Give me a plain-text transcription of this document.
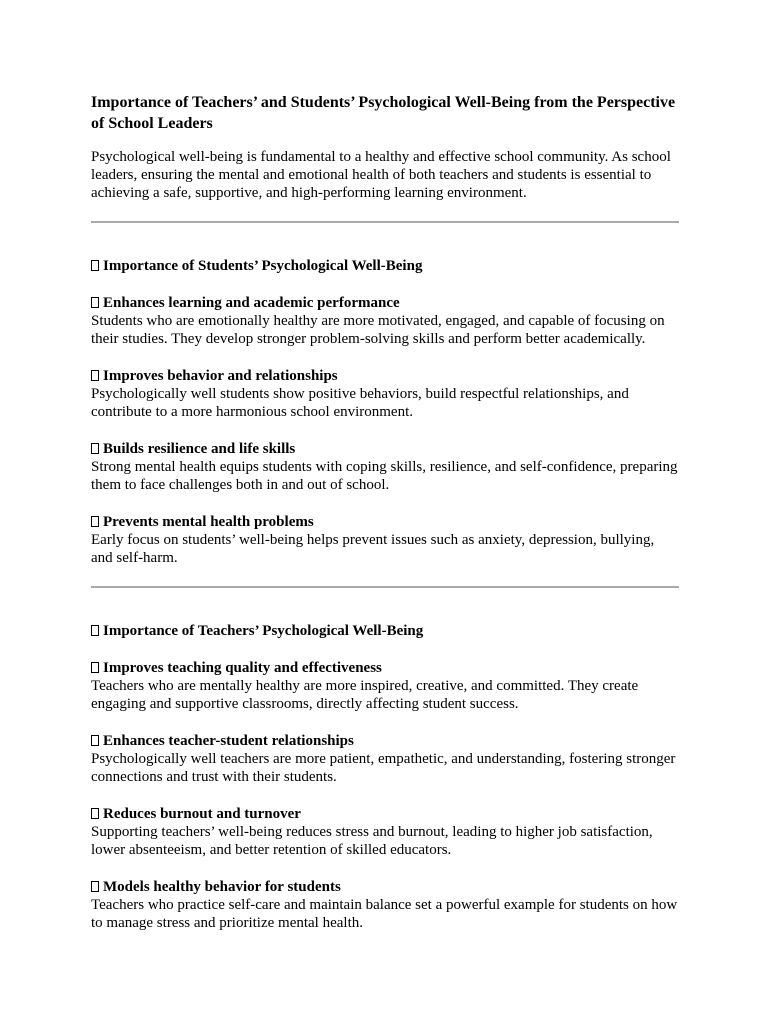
Importance of Teachers’ and Students’ Psychological Well-Being from the Perspective of School Leaders

Psychological well-being is fundamental to a healthy and effective school community. As school leaders, ensuring the mental and emotional health of both teachers and students is essential to achieving a safe, supportive, and high-performing learning environment.

Importance of Students’ Psychological Well-Being

Enhances learning and academic performance

Students who are emotionally healthy are more motivated, engaged, and capable of focusing on their studies. They develop stronger problem-solving skills and perform better academically.

Improves behavior and relationships

Psychologically well students show positive behaviors, build respectful relationships, and contribute to a more harmonious school environment.

Builds resilience and life skills

Strong mental health equips students with coping skills, resilience, and self-confidence, preparing them to face challenges both in and out of school.

Prevents mental health problems

Early focus on students’ well-being helps prevent issues such as anxiety, depression, bullying, and self-harm.

Importance of Teachers’ Psychological Well-Being

Improves teaching quality and effectiveness

Teachers who are mentally healthy are more inspired, creative, and committed. They create engaging and supportive classrooms, directly affecting student success.

Enhances teacher-student relationships

Psychologically well teachers are more patient, empathetic, and understanding, fostering stronger connections and trust with their students.

Reduces burnout and turnover

Supporting teachers’ well-being reduces stress and burnout, leading to higher job satisfaction, lower absenteeism, and better retention of skilled educators.

Models healthy behavior for students

Teachers who practice self-care and maintain balance set a powerful example for students on how to manage stress and prioritize mental health.
